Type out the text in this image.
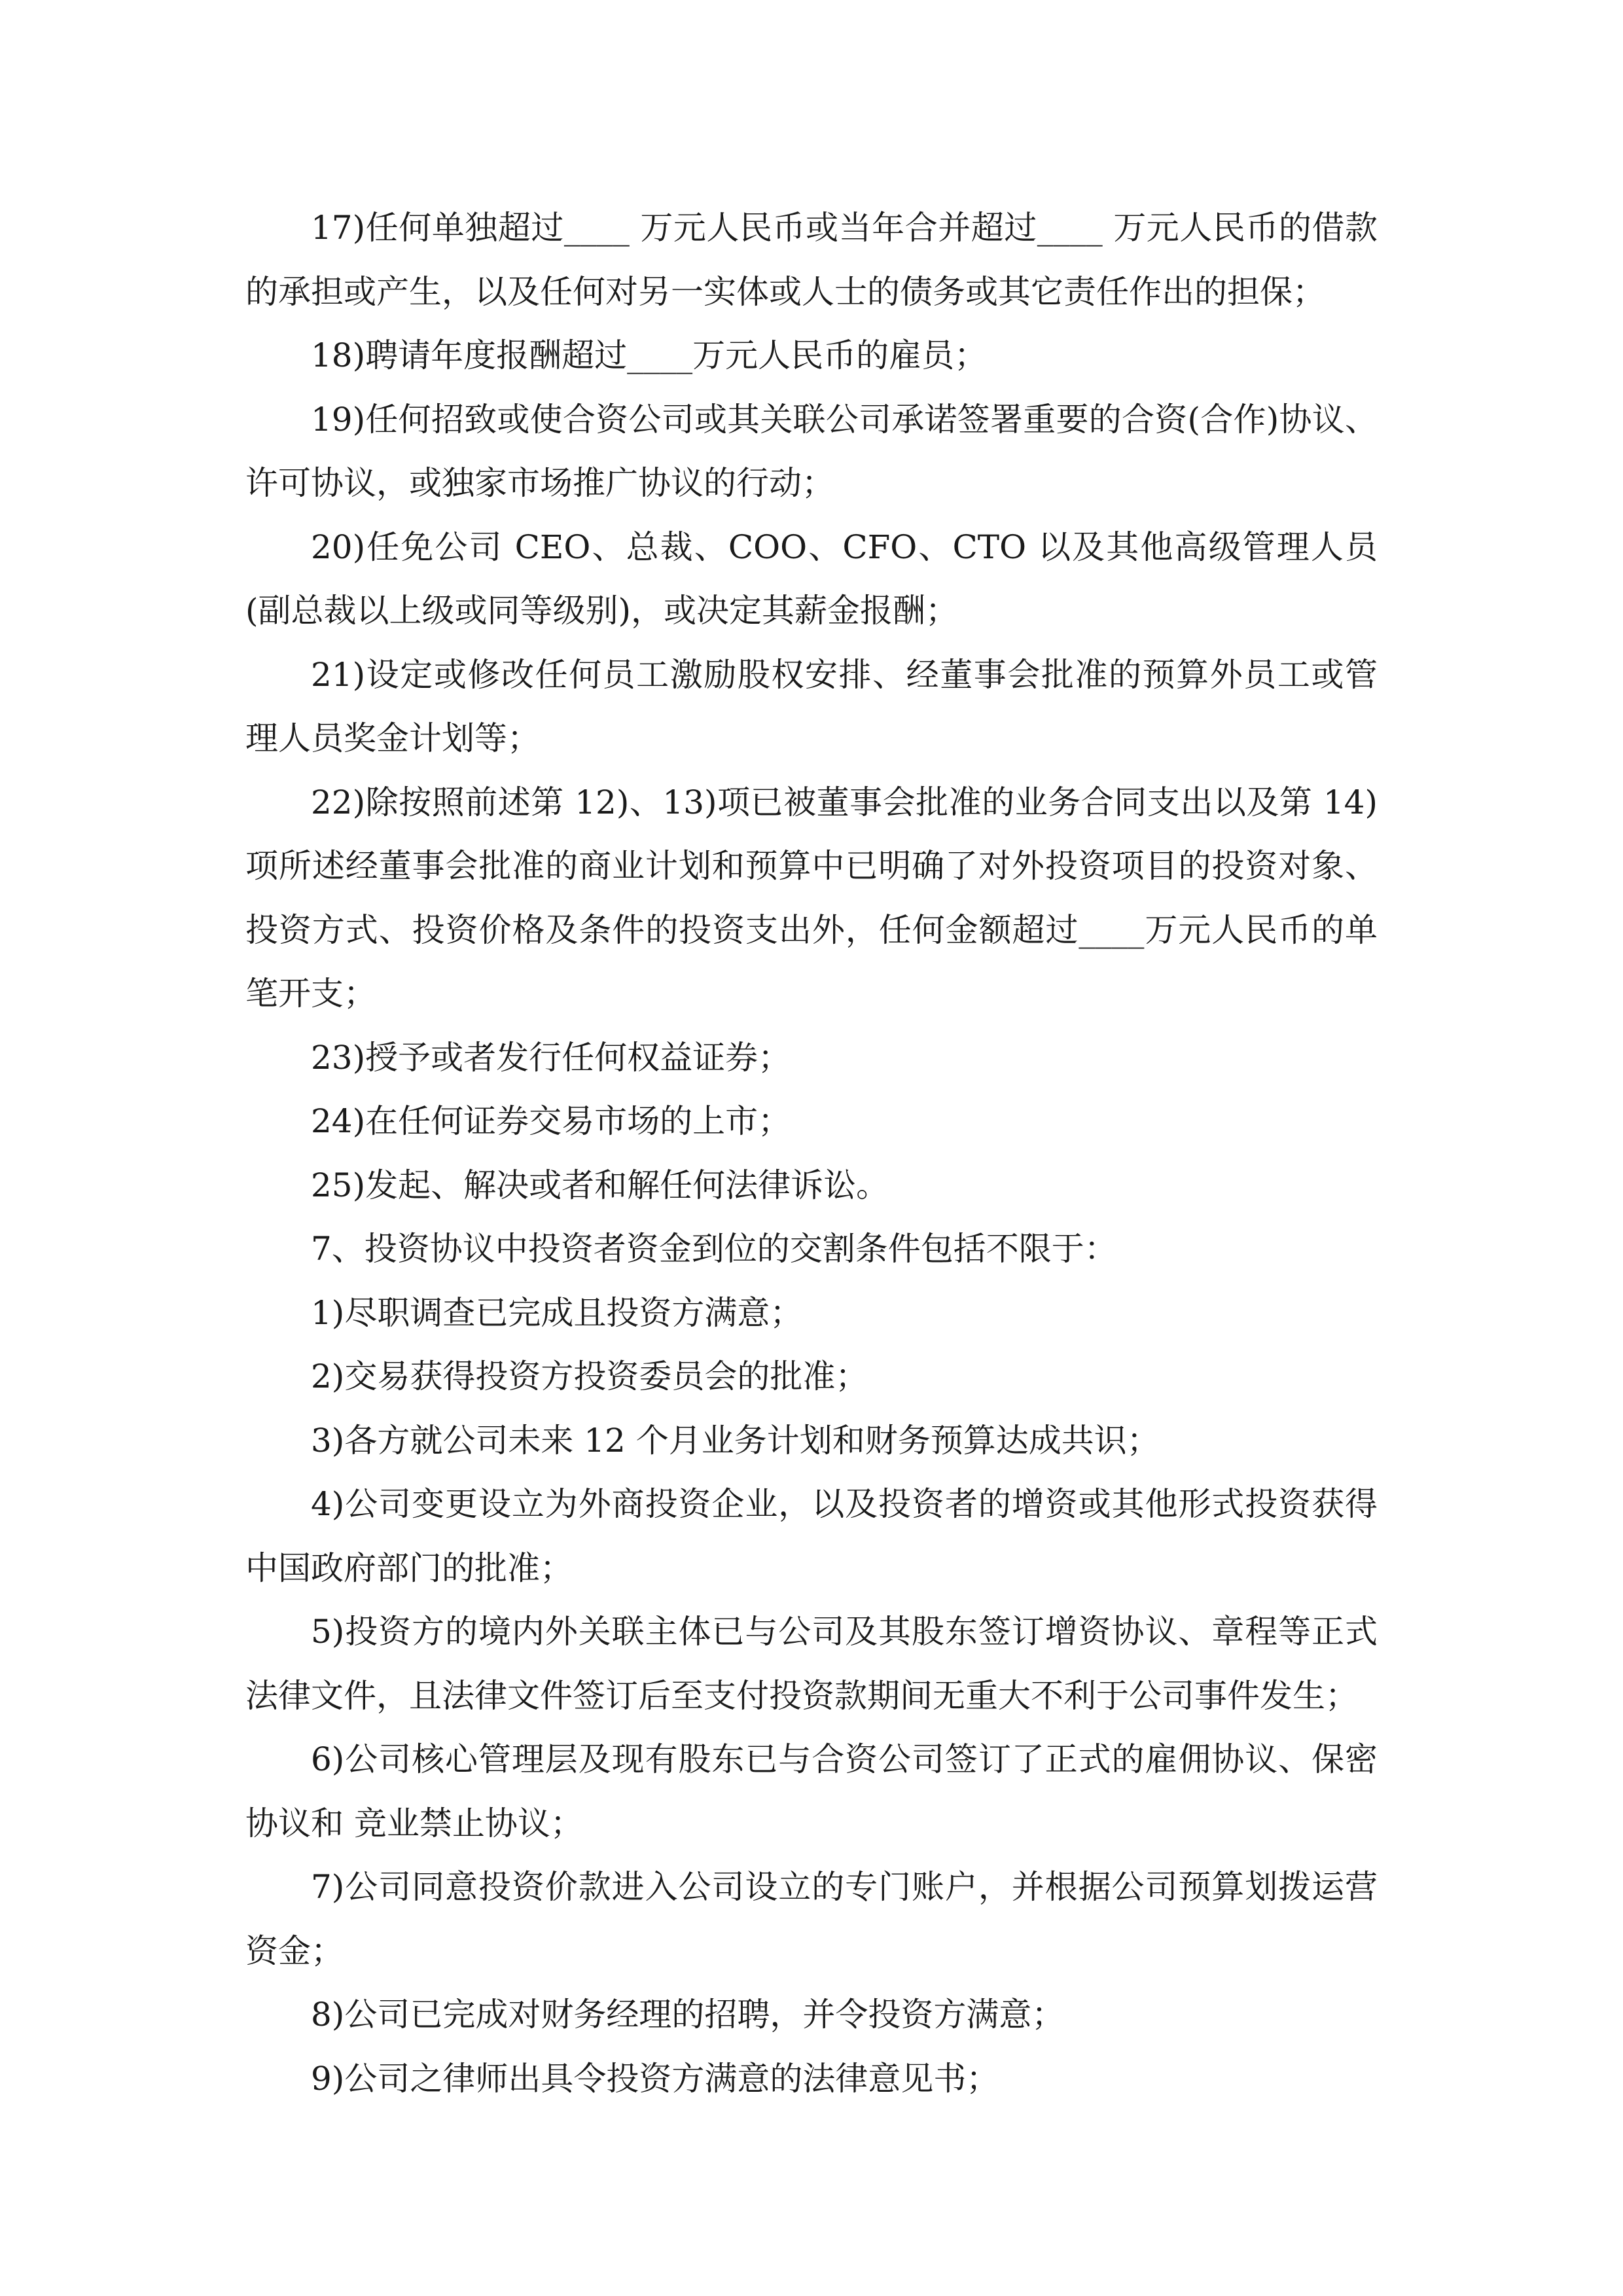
17)任何单独超过____ 万元人民币或当年合并超过____ 万元人民币的借款的承担或产生，以及任何对另一实体或人士的债务或其它责任作出的担保；

18)聘请年度报酬超过____万元人民币的雇员；

19)任何招致或使合资公司或其关联公司承诺签署重要的合资(合作)协议、许可协议，或独家市场推广协议的行动；

20)任免公司 CEO、总裁、COO、CFO、CTO 以及其他高级管理人员(副总裁以上级或同等级别)，或决定其薪金报酬；

21)设定或修改任何员工激励股权安排、经董事会批准的预算外员工或管理人员奖金计划等；

22)除按照前述第 12)、13)项已被董事会批准的业务合同支出以及第 14)项所述经董事会批准的商业计划和预算中已明确了对外投资项目的投资对象、投资方式、投资价格及条件的投资支出外，任何金额超过____万元人民币的单笔开支；

23)授予或者发行任何权益证券；

24)在任何证券交易市场的上市；

25)发起、解决或者和解任何法律诉讼。

7、投资协议中投资者资金到位的交割条件包括不限于：

1)尽职调查已完成且投资方满意；

2)交易获得投资方投资委员会的批准；

3)各方就公司未来 12 个月业务计划和财务预算达成共识；

4)公司变更设立为外商投资企业，以及投资者的增资或其他形式投资获得中国政府部门的批准；

5)投资方的境内外关联主体已与公司及其股东签订增资协议、章程等正式法律文件，且法律文件签订后至支付投资款期间无重大不利于公司事件发生；

6)公司核心管理层及现有股东已与合资公司签订了正式的雇佣协议、保密协议和 竞业禁止协议；

7)公司同意投资价款进入公司设立的专门账户，并根据公司预算划拨运营资金；

8)公司已完成对财务经理的招聘，并令投资方满意；

9)公司之律师出具令投资方满意的法律意见书；
